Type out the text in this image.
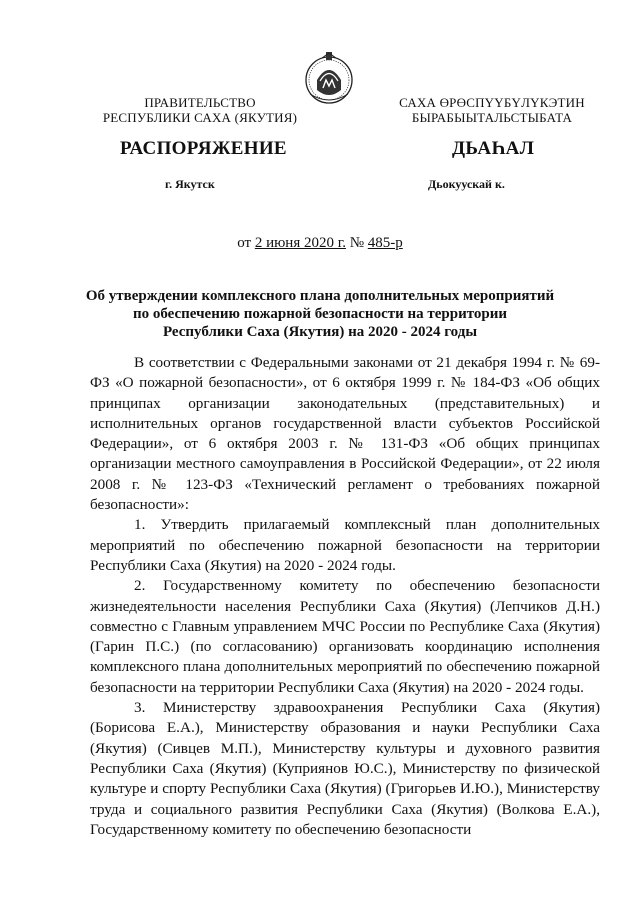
ПРАВИТЕЛЬСТВО
РЕСПУБЛИКИ САХА (ЯКУТИЯ)
САХА ӨРӨСПҮҮБҮЛҮКЭТИН
БЫРАБЫЫТАЛЬСТЫБАТА
РАСПОРЯЖЕНИЕ	ДЬАҺАЛ
г. Якутск	Дьокуускай к.
от 2 июня 2020 г. № 485-р
Об утверждении комплексного плана дополнительных мероприятий
по обеспечению пожарной безопасности на территории
Республики Саха (Якутия) на 2020 - 2024 годы

В соответствии с Федеральными законами от 21 декабря 1994 г. № 69-ФЗ «О пожарной безопасности», от 6 октября 1999 г. № 184-ФЗ «Об общих принципах организации законодательных (представительных) и исполнительных органов государственной власти субъектов Российской Федерации», от 6 октября 2003 г. № 131-ФЗ «Об общих принципах организации местного самоуправления в Российской Федерации», от 22 июля 2008 г. № 123-ФЗ «Технический регламент о требованиях пожарной безопасности»:

1. Утвердить прилагаемый комплексный план дополнительных мероприятий по обеспечению пожарной безопасности на территории Республики Саха (Якутия) на 2020 - 2024 годы.

2. Государственному комитету по обеспечению безопасности жизнедеятельности населения Республики Саха (Якутия) (Лепчиков Д.Н.) совместно с Главным управлением МЧС России по Республике Саха (Якутия) (Гарин П.С.) (по согласованию) организовать координацию исполнения комплексного плана дополнительных мероприятий по обеспечению пожарной безопасности на территории Республики Саха (Якутия) на 2020 - 2024 годы.

3. Министерству здравоохранения Республики Саха (Якутия) (Борисова Е.А.), Министерству образования и науки Республики Саха (Якутия) (Сивцев М.П.), Министерству культуры и духовного развития Республики Саха (Якутия) (Куприянов Ю.С.), Министерству по физической культуре и спорту Республики Саха (Якутия) (Григорьев И.Ю.), Министерству труда и социального развития Республики Саха (Якутия) (Волкова Е.А.), Государственному комитету по обеспечению безопасности
